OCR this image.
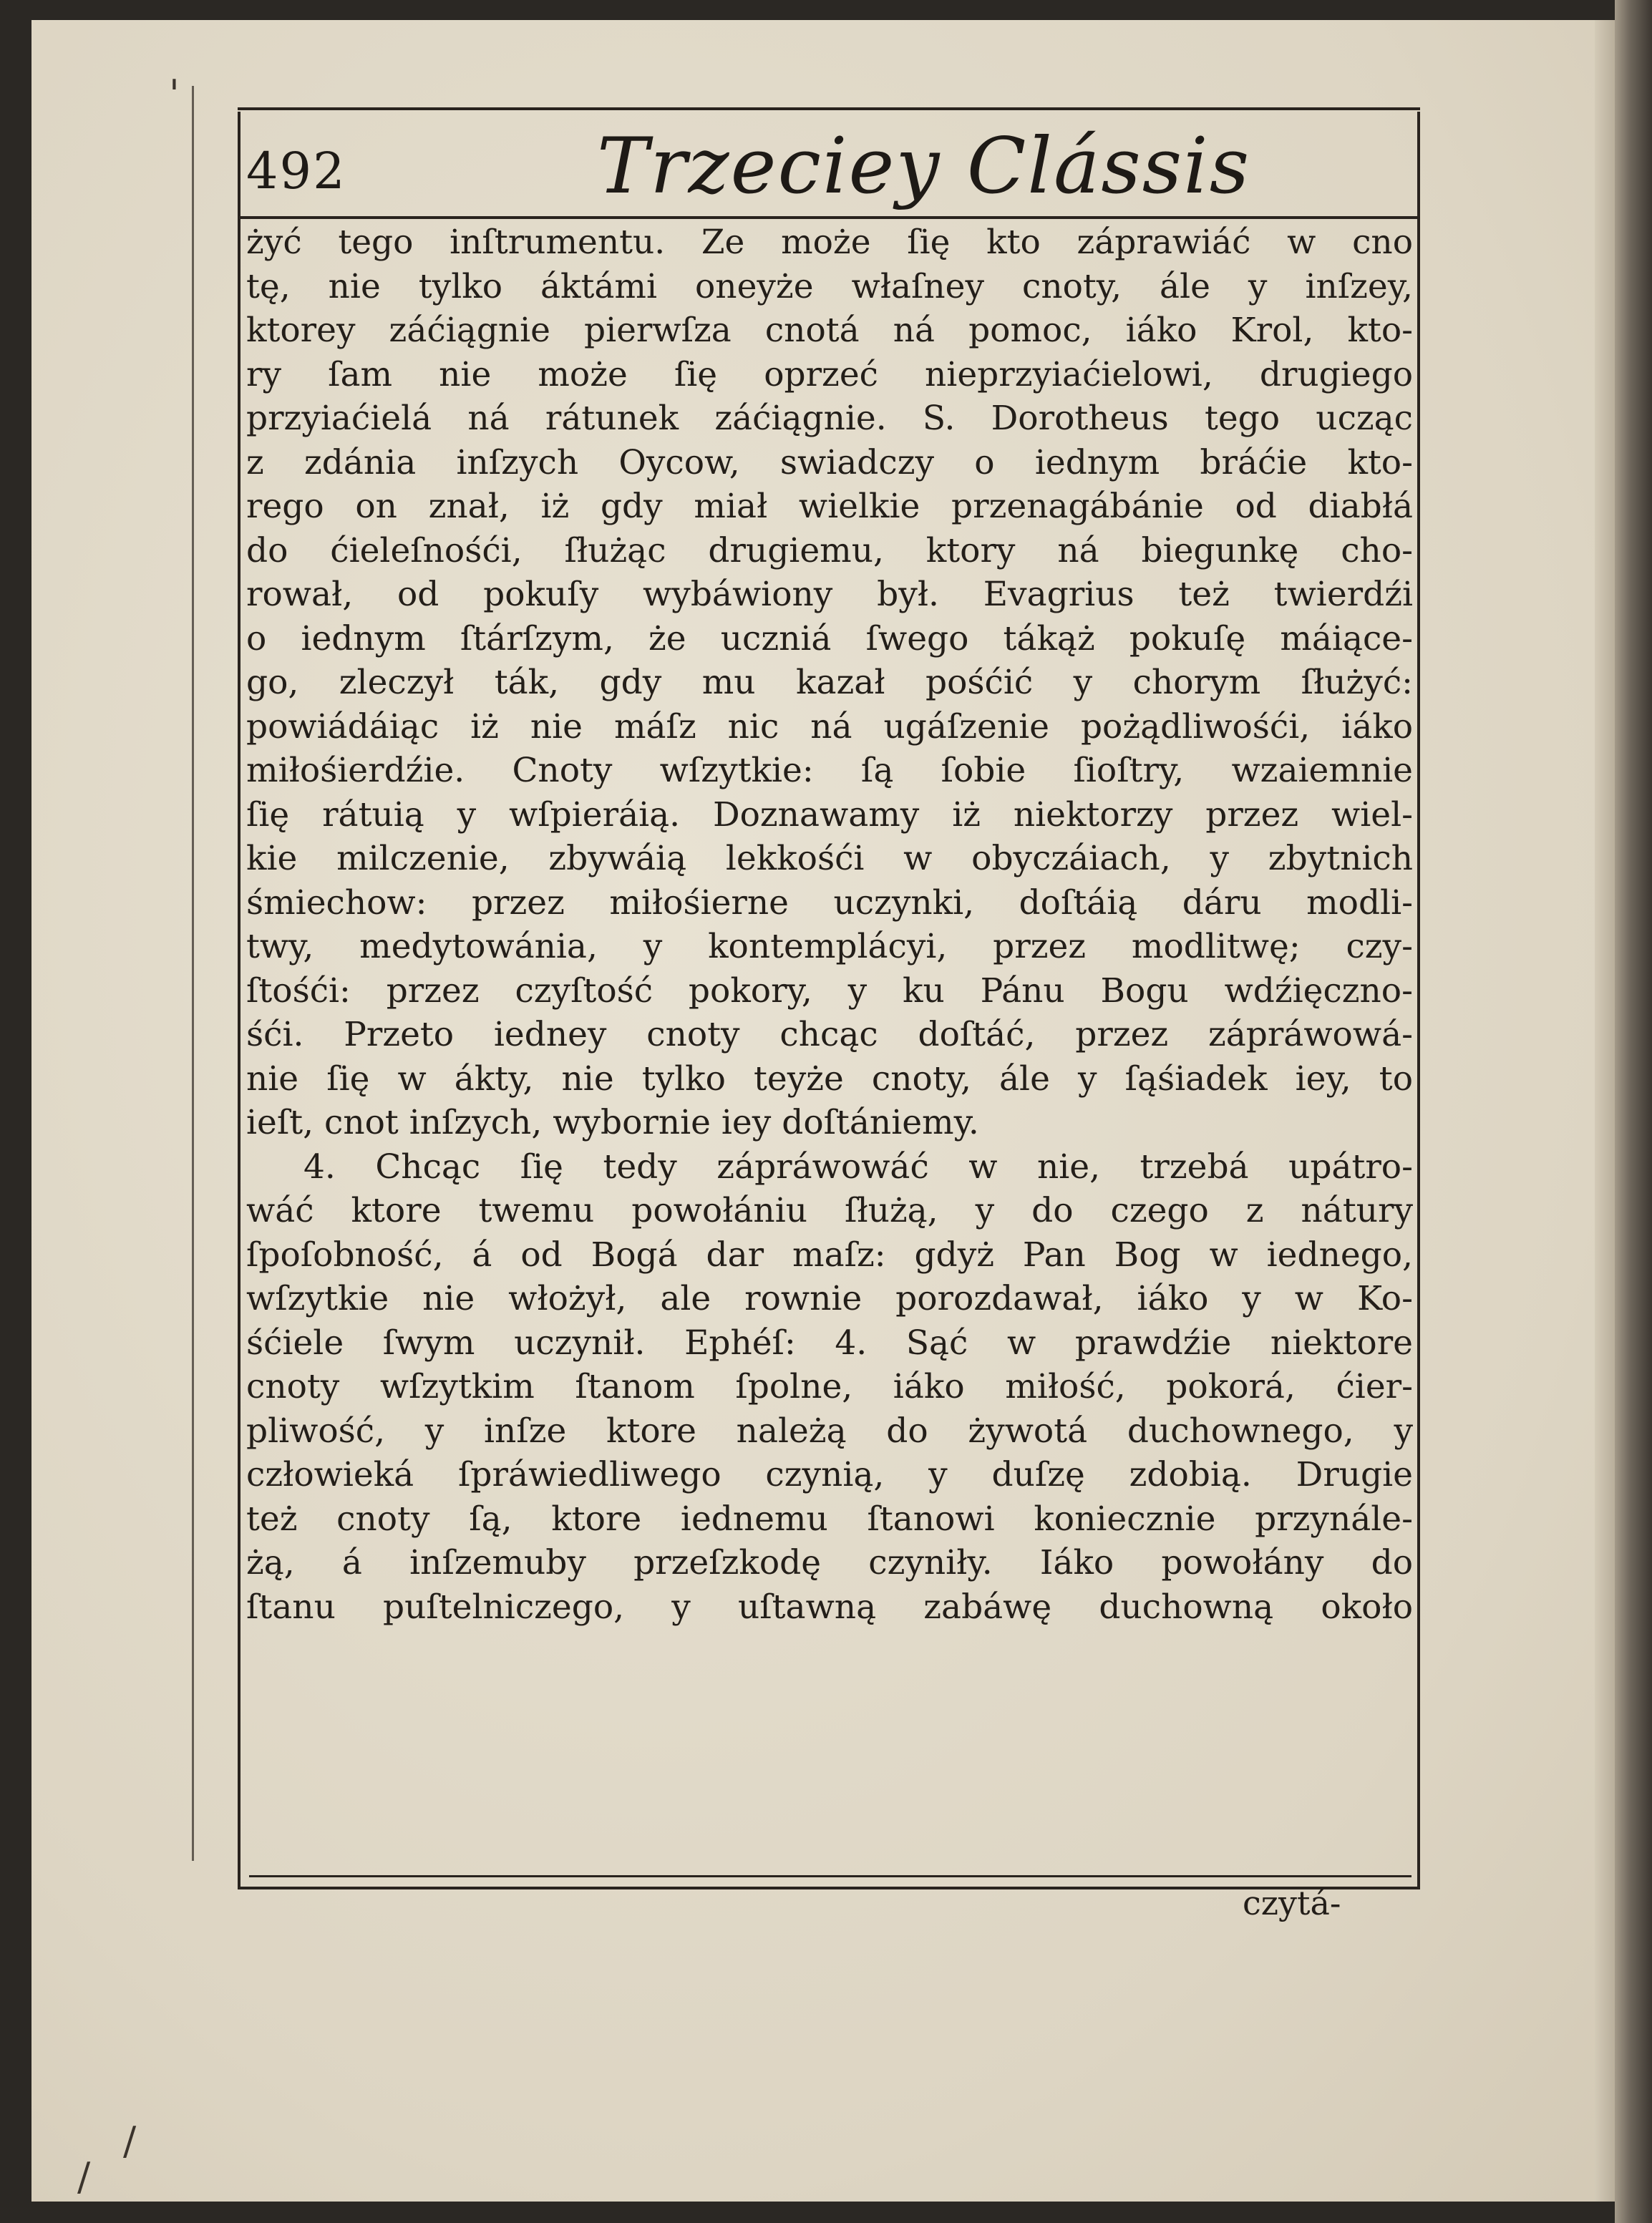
492	Trzeciey Clássis
żyć tego inſtrumentu. Ze może ſię kto záprawiáć w cno
tę, nie tylko áktámi oneyże właſney cnoty, ále y inſzey,
ktorey záćiągnie pierwſza cnotá ná pomoc, iáko Krol, kto-
ry ſam nie może ſię oprzeć nieprzyiaćielowi, drugiego
przyiaćielá ná rátunek záćiągnie. S. Dorotheus tego ucząc
z zdánia inſzych Oycow, swiadczy o iednym bráćie kto-
rego on znał, iż gdy miał wielkie przenagábánie od diabłá
do ćieleſnośći, ſłużąc drugiemu, ktory ná biegunkę cho-
rował, od pokuſy wybáwiony był. Evagrius też twierdźi
o iednym ſtárſzym, że uczniá ſwego tákąż pokuſę máiące-
go, zleczył ták, gdy mu kazał pośćić y chorym ſłużyć:
powiádáiąc iż nie máſz nic ná ugáſzenie pożądliwośći, iáko
miłośierdźie. Cnoty wſzytkie: ſą ſobie ſioſtry, wzaiemnie
ſię rátuią y wſpieráią. Doznawamy iż niektorzy przez wiel-
kie milczenie, zbywáią lekkośći w obyczáiach, y zbytnich
śmiechow: przez miłośierne uczynki, doſtáią dáru modli-
twy, medytowánia, y kontemplácyi, przez modlitwę; czy-
ſtośći: przez czyſtość pokory, y ku Pánu Bogu wdźięczno-
śći. Przeto iedney cnoty chcąc doſtáć, przez zápráwowá-
nie ſię w ákty, nie tylko teyże cnoty, ále y ſąśiadek iey, to
ieſt, cnot inſzych, wybornie iey doſtániemy.
4. Chcąc ſię tedy zápráwowáć w nie, trzebá upátro-
wáć ktore twemu powołániu ſłużą, y do czego z nátury
ſpoſobność, á od Bogá dar maſz: gdyż Pan Bog w iednego,
wſzytkie nie włożył, ale rownie porozdawał, iáko y w Ko-
śćiele ſwym uczynił. Ephéſ: 4. Sąć w prawdźie niektore
cnoty wſzytkim ſtanom ſpolne, iáko miłość, pokorá, ćier-
pliwość, y inſze ktore należą do żywotá duchownego, y
człowieká ſpráwiedliwego czynią, y duſzę zdobią. Drugie
też cnoty ſą, ktore iednemu ſtanowi koniecznie przynále-
żą, á inſzemuby przeſzkodę czyniły. Iáko powołány do
ſtanu puſtelniczego, y uſtawną zabáwę duchowną około
czytá-
'
/
/
